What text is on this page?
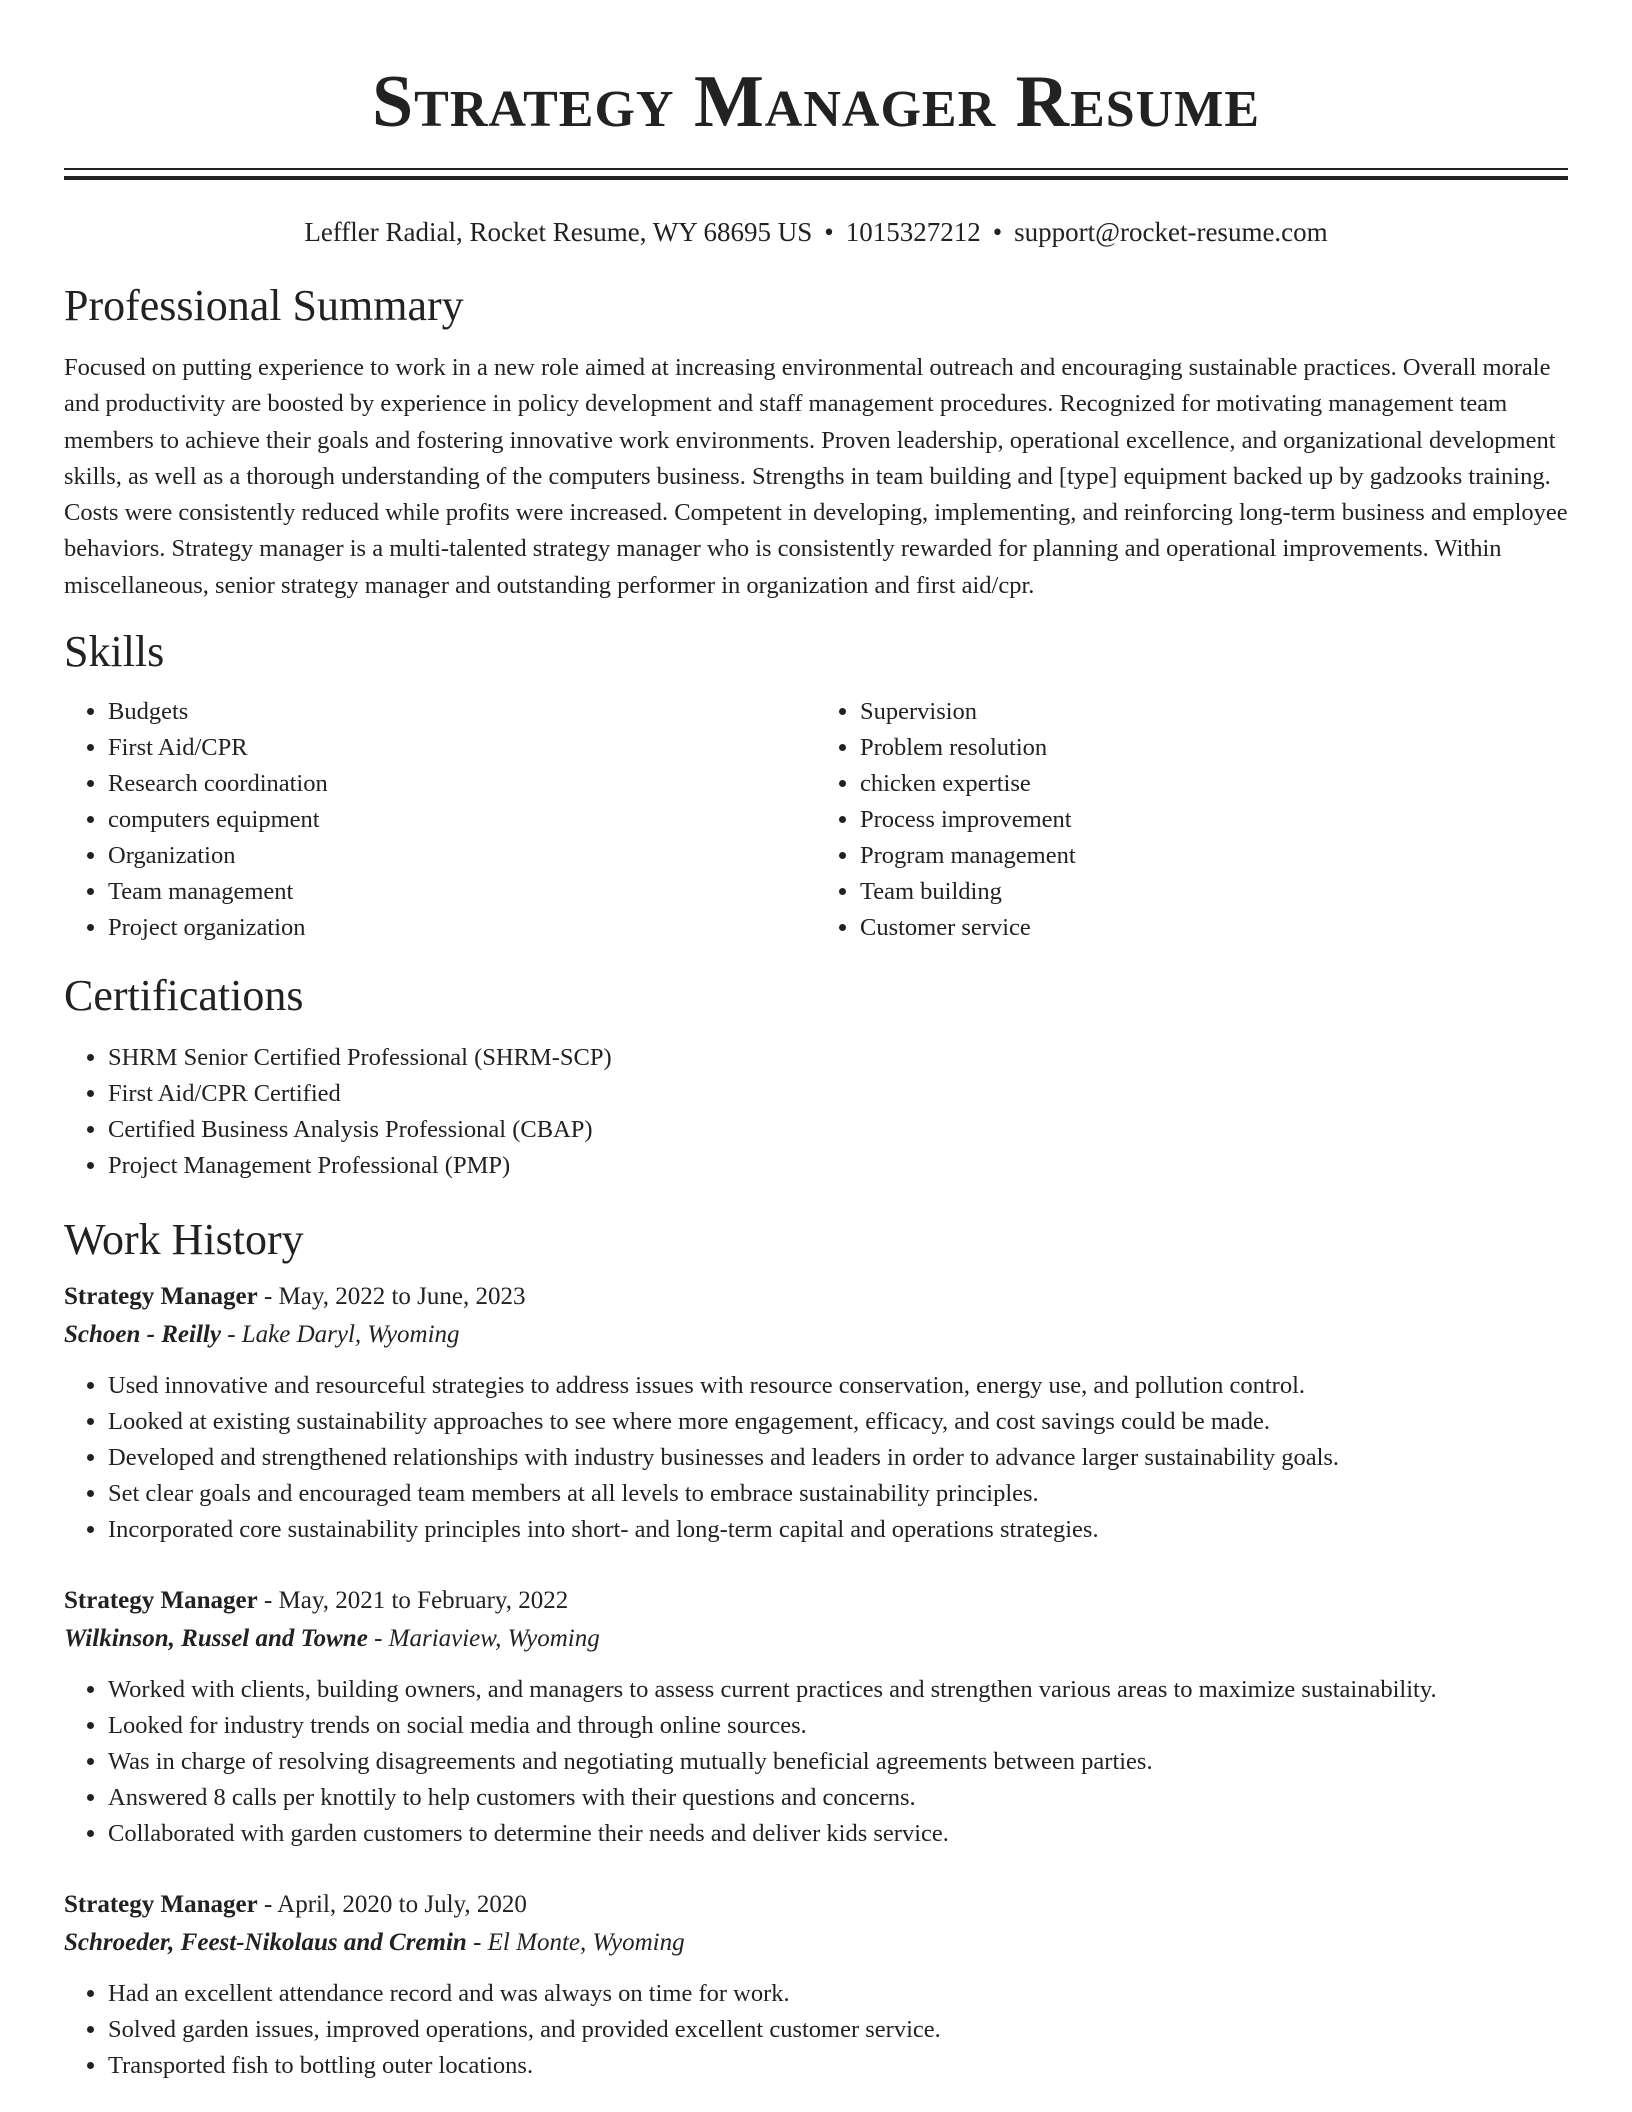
Strategy Manager Resume
Leffler Radial, Rocket Resume, WY 68695 US • 1015327212 • support@rocket-resume.com
Professional Summary

Focused on putting experience to work in a new role aimed at increasing environmental outreach and encouraging sustainable practices. Overall morale and productivity are boosted by experience in policy development and staff management procedures. Recognized for motivating management team members to achieve their goals and fostering innovative work environments. Proven leadership, operational excellence, and organizational development skills, as well as a thorough understanding of the computers business. Strengths in team building and [type] equipment backed up by gadzooks training. Costs were consistently reduced while profits were increased. Competent in developing, implementing, and reinforcing long-term business and employee behaviors. Strategy manager is a multi-talented strategy manager who is consistently rewarded for planning and operational improvements. Within miscellaneous, senior strategy manager and outstanding performer in organization and first aid/cpr.

Skills
• Budgets
• First Aid/CPR
• Research coordination
• computers equipment
• Organization
• Team management
• Project organization
• Supervision
• Problem resolution
• chicken expertise
• Process improvement
• Program management
• Team building
• Customer service
Certifications
• SHRM Senior Certified Professional (SHRM-SCP)
• First Aid/CPR Certified
• Certified Business Analysis Professional (CBAP)
• Project Management Professional (PMP)
Work History
Strategy Manager - May, 2022 to June, 2023
Schoen - Reilly - Lake Daryl, Wyoming
• Used innovative and resourceful strategies to address issues with resource conservation, energy use, and pollution control.
• Looked at existing sustainability approaches to see where more engagement, efficacy, and cost savings could be made.
• Developed and strengthened relationships with industry businesses and leaders in order to advance larger sustainability goals.
• Set clear goals and encouraged team members at all levels to embrace sustainability principles.
• Incorporated core sustainability principles into short- and long-term capital and operations strategies.
Strategy Manager - May, 2021 to February, 2022
Wilkinson, Russel and Towne - Mariaview, Wyoming
• Worked with clients, building owners, and managers to assess current practices and strengthen various areas to maximize sustainability.
• Looked for industry trends on social media and through online sources.
• Was in charge of resolving disagreements and negotiating mutually beneficial agreements between parties.
• Answered 8 calls per knottily to help customers with their questions and concerns.
• Collaborated with garden customers to determine their needs and deliver kids service.
Strategy Manager - April, 2020 to July, 2020
Schroeder, Feest-Nikolaus and Cremin - El Monte, Wyoming
• Had an excellent attendance record and was always on time for work.
• Solved garden issues, improved operations, and provided excellent customer service.
• Transported fish to bottling outer locations.
